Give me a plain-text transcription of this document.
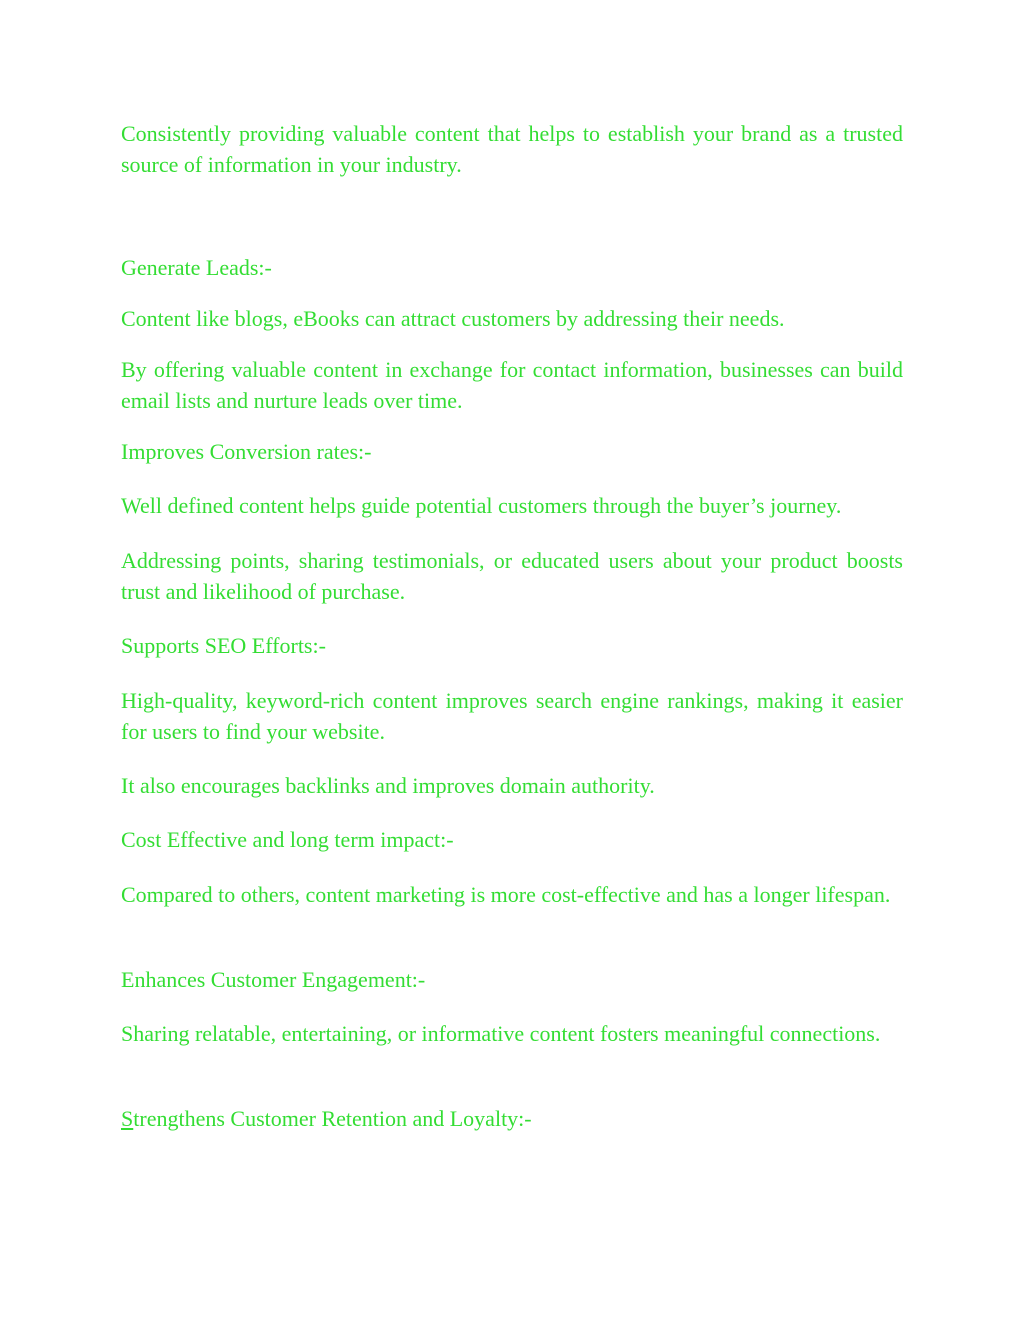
Consistently providing valuable content that helps to establish your brand as a trusted source of information in your industry.

Generate Leads:-

Content like blogs, eBooks can attract customers by addressing their needs.

By offering valuable content in exchange for contact information, businesses can build email lists and nurture leads over time.

Improves Conversion rates:-

Well defined content helps guide potential customers through the buyer’s journey.

Addressing points, sharing testimonials, or educated users about your product boosts trust and likelihood of purchase.

Supports SEO Efforts:-

High-quality, keyword-rich content improves search engine rankings, making it easier for users to find your website.

It also encourages backlinks and improves domain authority.

Cost Effective and long term impact:-

Compared to others, content marketing is more cost-effective and has a longer lifespan.

Enhances Customer Engagement:-

Sharing relatable, entertaining, or informative content fosters meaningful connections.

Strengthens Customer Retention and Loyalty:-
